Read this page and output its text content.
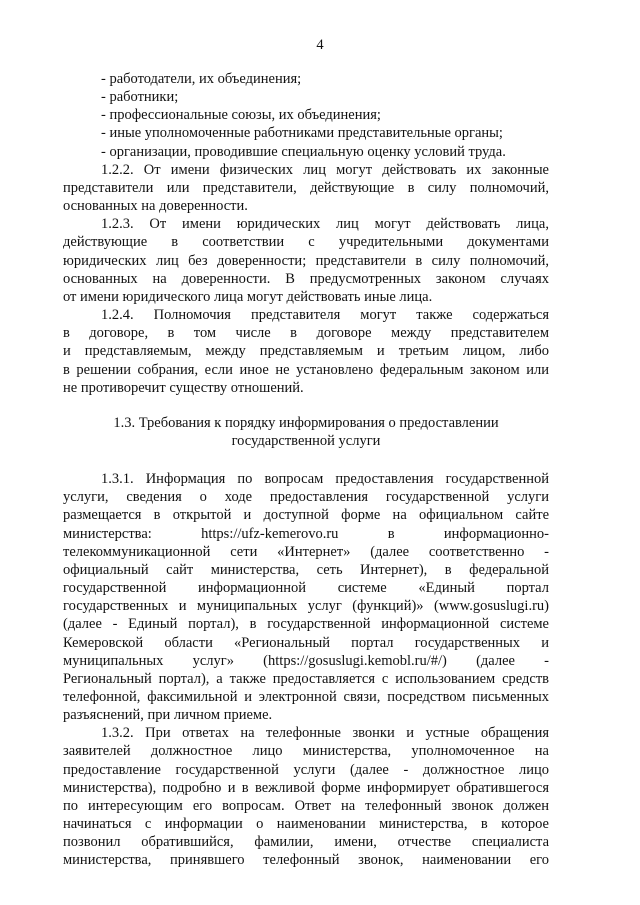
4
- работодатели, их объединения;
- работники;
- профессиональные союзы, их объединения;
- иные уполномоченные работниками представительные органы;
- организации, проводившие специальную оценку условий труда.
1.2.2. От имени физических лиц могут действовать их законные
представители или представители, действующие в силу полномочий,
основанных на доверенности.
1.2.3. От имени юридических лиц могут действовать лица,
действующие в соответствии с учредительными документами
юридических лиц без доверенности; представители в силу полномочий,
основанных на доверенности. В предусмотренных законом случаях
от имени юридического лица могут действовать иные лица.
1.2.4. Полномочия представителя могут также содержаться
в договоре, в том числе в договоре между представителем
и представляемым, между представляемым и третьим лицом, либо
в решении собрания, если иное не установлено федеральным законом или
не противоречит существу отношений.
1.3. Требования к порядку информирования о предоставлении
государственной услуги
1.3.1. Информация по вопросам предоставления государственной
услуги, сведения о ходе предоставления государственной услуги
размещается в открытой и доступной форме на официальном сайте
министерства: https://ufz-kemerovo.ru в информационно-
телекоммуникационной сети «Интернет» (далее соответственно -
официальный сайт министерства, сеть Интернет), в федеральной
государственной информационной системе «Единый портал
государственных и муниципальных услуг (функций)» (www.gosuslugi.ru)
(далее - Единый портал), в государственной информационной системе
Кемеровской области «Региональный портал государственных и
муниципальных услуг» (https://gosuslugi.kemobl.ru/#/) (далее -
Региональный портал), а также предоставляется с использованием средств
телефонной, факсимильной и электронной связи, посредством письменных
разъяснений, при личном приеме.
1.3.2. При ответах на телефонные звонки и устные обращения
заявителей должностное лицо министерства, уполномоченное на
предоставление государственной услуги (далее - должностное лицо
министерства), подробно и в вежливой форме информирует обратившегося
по интересующим его вопросам. Ответ на телефонный звонок должен
начинаться с информации о наименовании министерства, в которое
позвонил обратившийся, фамилии, имени, отчестве специалиста
министерства, принявшего телефонный звонок, наименовании его
